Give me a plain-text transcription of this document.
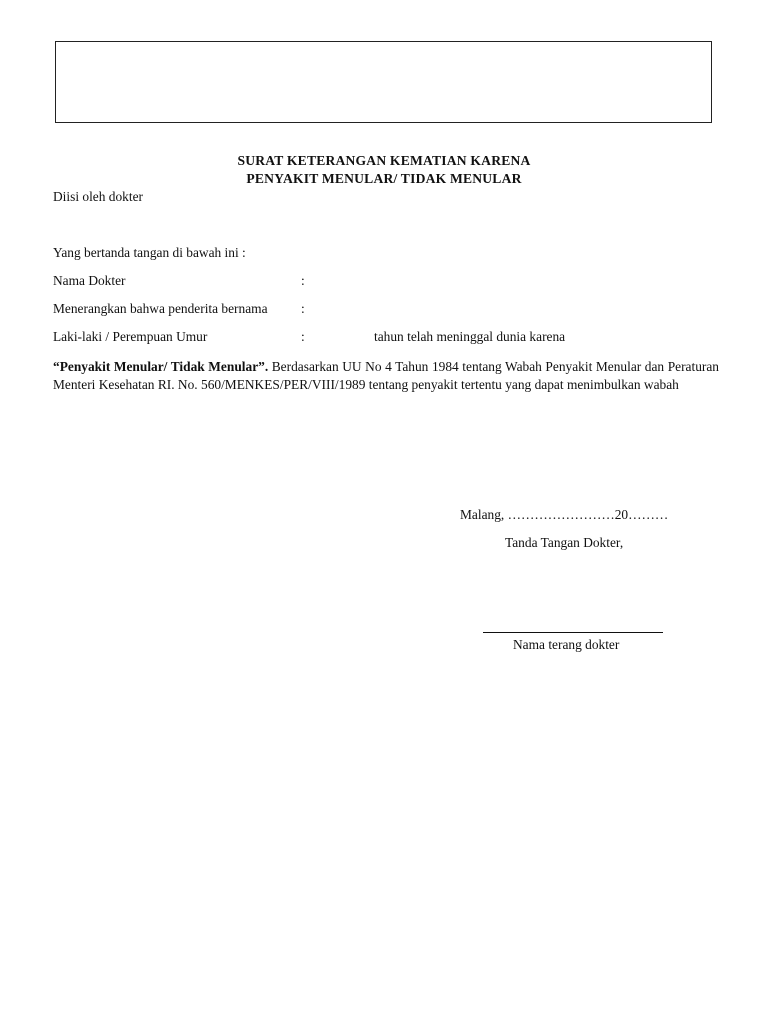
SURAT KETERANGAN KEMATIAN KARENA
PENYAKIT MENULAR/ TIDAK MENULAR
Diisi oleh dokter
Yang bertanda tangan di bawah ini :
Nama Dokter	:
Menerangkan bahwa penderita bernama :
Laki-laki / Perempuan Umur	:	tahun telah meninggal dunia karena
“Penyakit Menular/ Tidak Menular”. Berdasarkan UU No 4 Tahun 1984 tentang Wabah Penyakit Menular dan Peraturan Menteri Kesehatan RI. No. 560/MENKES/PER/VIII/1989 tentang penyakit tertentu yang dapat menimbulkan wabah
Malang, ……………………20………
Tanda Tangan Dokter,
Nama terang dokter
